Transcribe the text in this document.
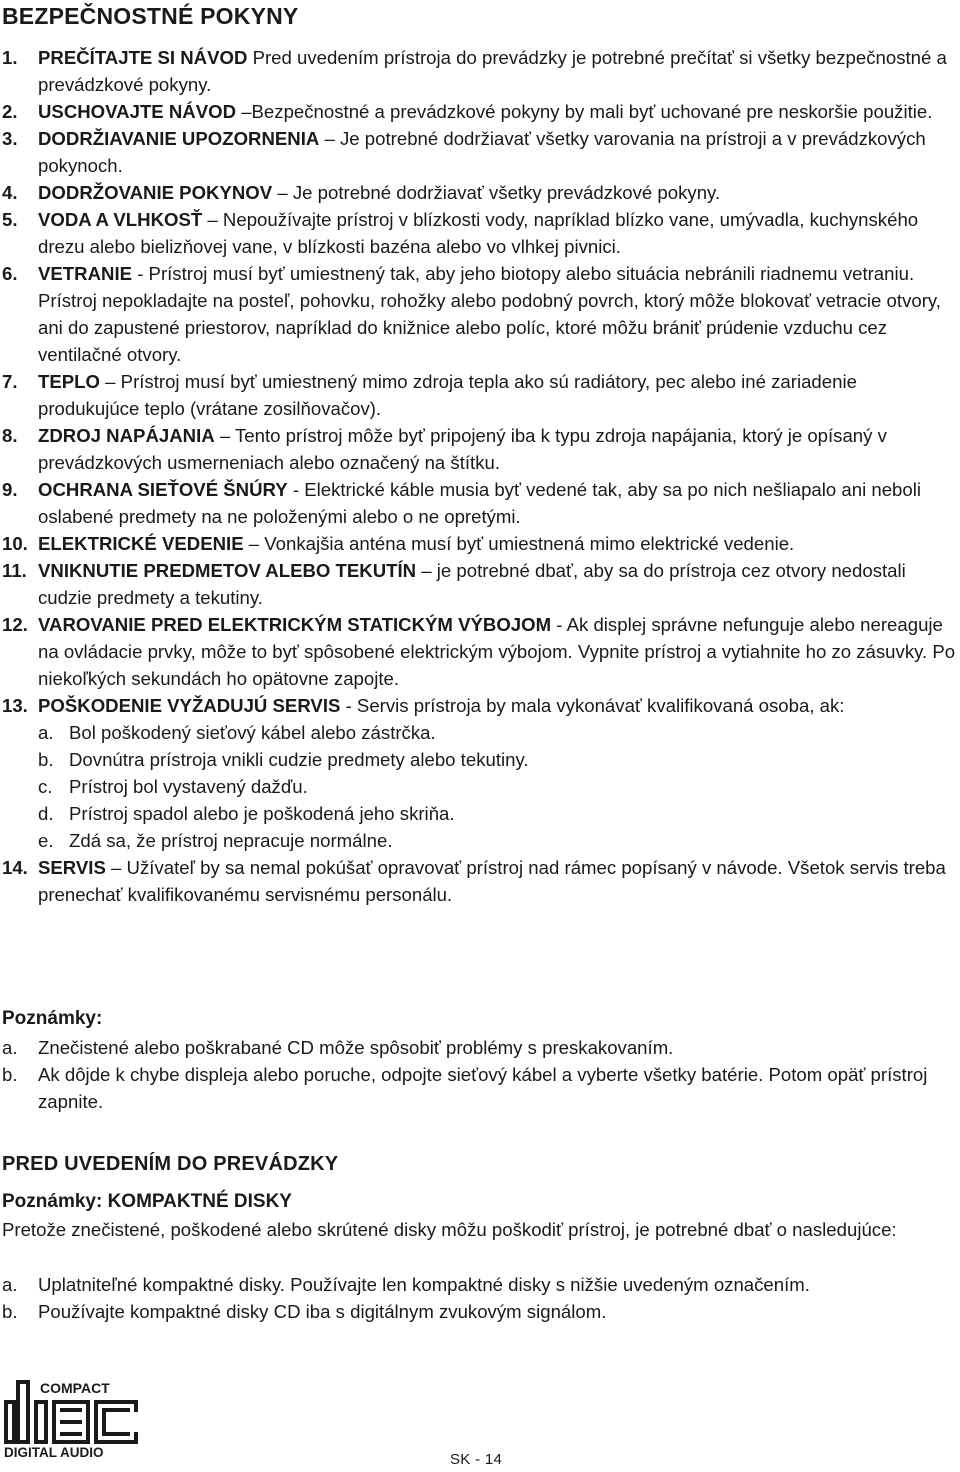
BEZPEČNOSTNÉ POKYNY
1. PREČÍTAJTE SI NÁVOD Pred uvedením prístroja do prevádzky je potrebné prečítať si všetky bezpečnostné a prevádzkové pokyny.
2. USCHOVAJTE NÁVOD –Bezpečnostné a prevádzkové pokyny by mali byť uchované pre neskoršie použitie.
3. DODRŽIAVANIE UPOZORNENIA – Je potrebné dodržiavať všetky varovania na prístroji a v prevádzkových pokynoch.
4. DODRŽOVANIE POKYNOV – Je potrebné dodržiavať všetky prevádzkové pokyny.
5. VODA A VLHKOSŤ – Nepoužívajte prístroj v blízkosti vody, napríklad blízko vane, umývadla, kuchynského drezu alebo bielizňovej vane, v blízkosti bazéna alebo vo vlhkej pivnici.
6. VETRANIE - Prístroj musí byť umiestnený tak, aby jeho biotopy alebo situácia nebránili riadnemu vetraniu. Prístroj nepokladajte na posteľ, pohovku, rohožky alebo podobný povrch, ktorý môže blokovať vetracie otvory, ani do zapustené priestorov, napríklad do knižnice alebo políc, ktoré môžu brániť prúdenie vzduchu cez ventilačné otvory.
7. TEPLO – Prístroj musí byť umiestnený mimo zdroja tepla ako sú radiátory, pec alebo iné zariadenie produkujúce teplo (vrátane zosilňovačov).
8. ZDROJ NAPÁJANIA – Tento prístroj môže byť pripojený iba k typu zdroja napájania, ktorý je opísaný v prevádzkových usmerneniach alebo označený na štítku.
9. OCHRANA SIEŤOVÉ ŠNÚRY - Elektrické káble musia byť vedené tak, aby sa po nich nešliapalo ani neboli oslabené predmety na ne položenými alebo o ne opretými.
10. ELEKTRICKÉ VEDENIE – Vonkajšia anténa musí byť umiestnená mimo elektrické vedenie.
11. VNIKNUTIE PREDMETOV ALEBO TEKUTÍN – je potrebné dbať, aby sa do prístroja cez otvory nedostali cudzie predmety a tekutiny.
12. VAROVANIE PRED ELEKTRICKÝM STATICKÝM VÝBOJOM - Ak displej správne nefunguje alebo nereaguje na ovládacie prvky, môže to byť spôsobené elektrickým výbojom. Vypnite prístroj a vytiahnite ho zo zásuvky. Po niekoľkých sekundách ho opätovne zapojte.
13. POŠKODENIE VYŽADUJÚ SERVIS - Servis prístroja by mala vykonávať kvalifikovaná osoba, ak:
a. Bol poškodený sieťový kábel alebo zástrčka.
b. Dovnútra prístroja vnikli cudzie predmety alebo tekutiny.
c. Prístroj bol vystavený dažďu.
d. Prístroj spadol alebo je poškodená jeho skriňa.
e. Zdá sa, že prístroj nepracuje normálne.
14. SERVIS – Užívateľ by sa nemal pokúšať opravovať prístroj nad rámec popísaný v návode. Všetok servis treba prenechať kvalifikovanému servisnému personálu.
Poznámky:
a. Znečistené alebo poškrabané CD môže spôsobiť problémy s preskakovaním.
b. Ak dôjde k chybe displeja alebo poruche, odpojte sieťový kábel a vyberte všetky batérie. Potom opäť prístroj zapnite.
PRED UVEDENÍM DO PREVÁDZKY
Poznámky: KOMPAKTNÉ DISKY

Pretože znečistené, poškodené alebo skrútené disky môžu poškodiť prístroj, je potrebné dbať o nasledujúce:

a. Uplatniteľné kompaktné disky. Používajte len kompaktné disky s nižšie uvedeným označením.
b. Používajte kompaktné disky CD iba s digitálnym zvukovým signálom.
COMPACT
DIGITAL AUDIO	SK - 14
